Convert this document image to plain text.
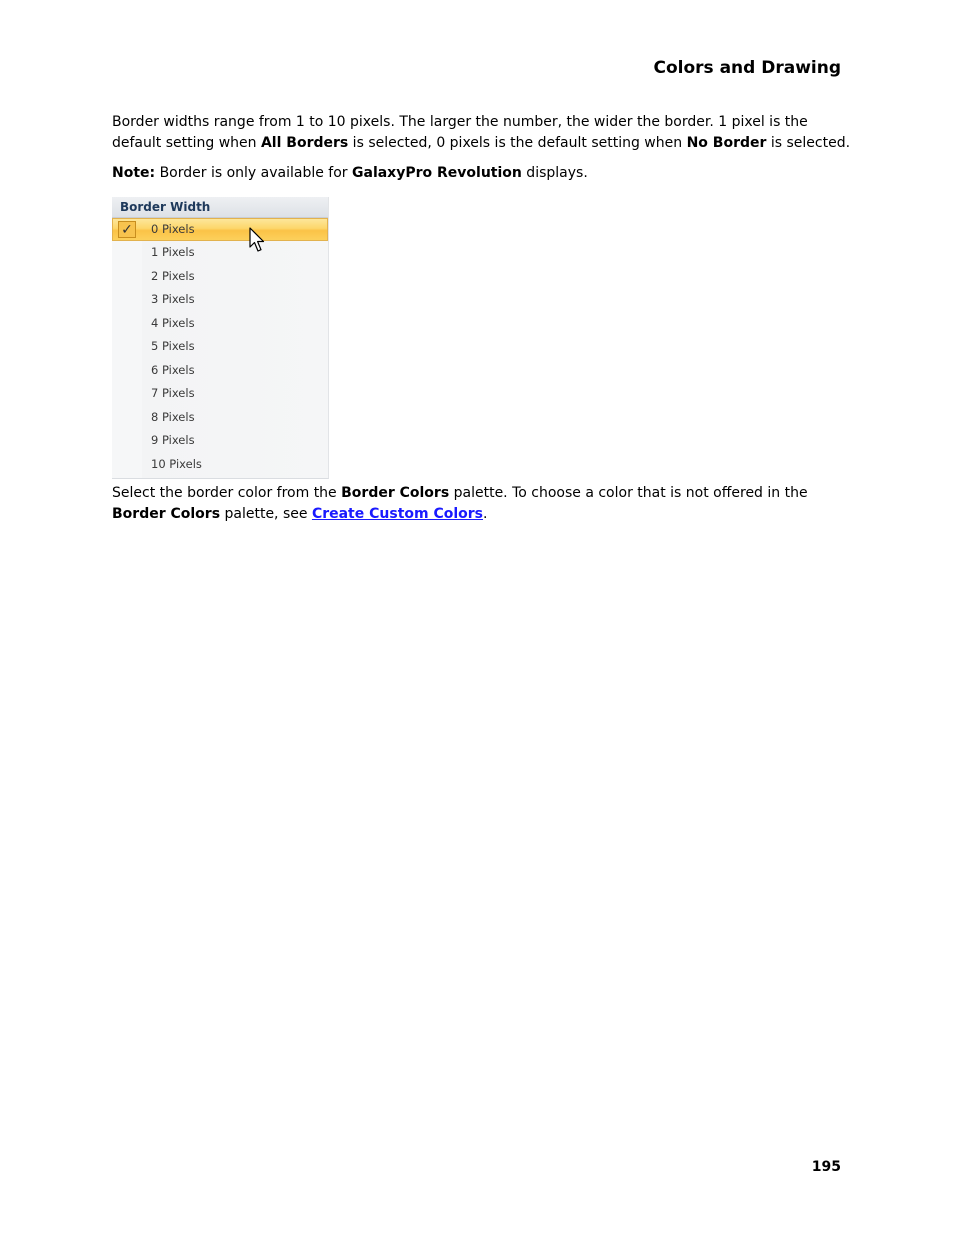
Colors and Drawing

Border widths range from 1 to 10 pixels. The larger the number, the wider the border. 1 pixel is the default setting when All Borders is selected, 0 pixels is the default setting when No Border is selected.

Note: Border is only available for GalaxyPro Revolution displays.

Border Width
✓ 0 Pixels
1 Pixels
2 Pixels
3 Pixels
4 Pixels
5 Pixels
6 Pixels
7 Pixels
8 Pixels
9 Pixels
10 Pixels

Select the border color from the Border Colors palette. To choose a color that is not offered in the Border Colors palette, see Create Custom Colors.

195
